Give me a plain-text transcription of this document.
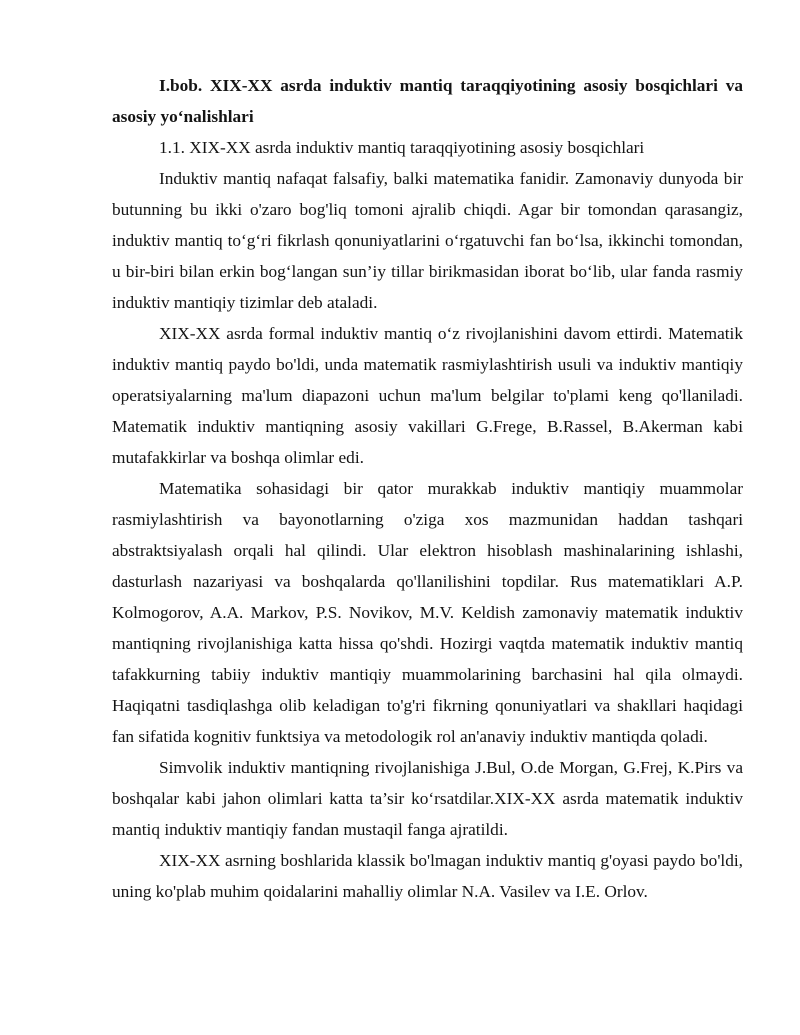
I.bob. XIX-XX asrda induktiv mantiq taraqqiyotining asosiy bosqichlari va asosiy yo‘nalishlari

1.1. XIX-XX asrda induktiv mantiq taraqqiyotining asosiy bosqichlari

Induktiv mantiq nafaqat falsafiy, balki matematika fanidir. Zamonaviy dunyoda bir butunning bu ikki o'zaro bog'liq tomoni ajralib chiqdi. Agar bir tomondan qarasangiz, induktiv mantiq to‘g‘ri fikrlash qonuniyatlarini o‘rgatuvchi fan bo‘lsa, ikkinchi tomondan, u bir-biri bilan erkin bog‘langan sun’iy tillar birikmasidan iborat bo‘lib, ular fanda rasmiy induktiv mantiqiy tizimlar deb ataladi.

XIX-XX asrda formal induktiv mantiq o‘z rivojlanishini davom ettirdi. Matematik induktiv mantiq paydo bo'ldi, unda matematik rasmiylashtirish usuli va induktiv mantiqiy operatsiyalarning ma'lum diapazoni uchun ma'lum belgilar to'plami keng qo'llaniladi. Matematik induktiv mantiqning asosiy vakillari G.Frege, B.Rassel, B.Akerman kabi mutafakkirlar va boshqa olimlar edi.

Matematika sohasidagi bir qator murakkab induktiv mantiqiy muammolar rasmiylashtirish va bayonotlarning o'ziga xos mazmunidan haddan tashqari abstraktsiyalash orqali hal qilindi. Ular elektron hisoblash mashinalarining ishlashi, dasturlash nazariyasi va boshqalarda qo'llanilishini topdilar. Rus matematiklari A.P. Kolmogorov, A.A. Markov, P.S. Novikov, M.V. Keldish zamonaviy matematik induktiv mantiqning rivojlanishiga katta hissa qo'shdi. Hozirgi vaqtda matematik induktiv mantiq tafakkurning tabiiy induktiv mantiqiy muammolarining barchasini hal qila olmaydi. Haqiqatni tasdiqlashga olib keladigan to'g'ri fikrning qonuniyatlari va shakllari haqidagi fan sifatida kognitiv funktsiya va metodologik rol an'anaviy induktiv mantiqda qoladi.

Simvolik induktiv mantiqning rivojlanishiga J.Bul, O.de Morgan, G.Frej, K.Pirs va boshqalar kabi jahon olimlari katta ta’sir ko‘rsatdilar.XIX-XX asrda matematik induktiv mantiq induktiv mantiqiy fandan mustaqil fanga ajratildi.

XIX-XX asrning boshlarida klassik bo'lmagan induktiv mantiq g'oyasi paydo bo'ldi, uning ko'plab muhim qoidalarini mahalliy olimlar N.A. Vasilev va I.E. Orlov.
